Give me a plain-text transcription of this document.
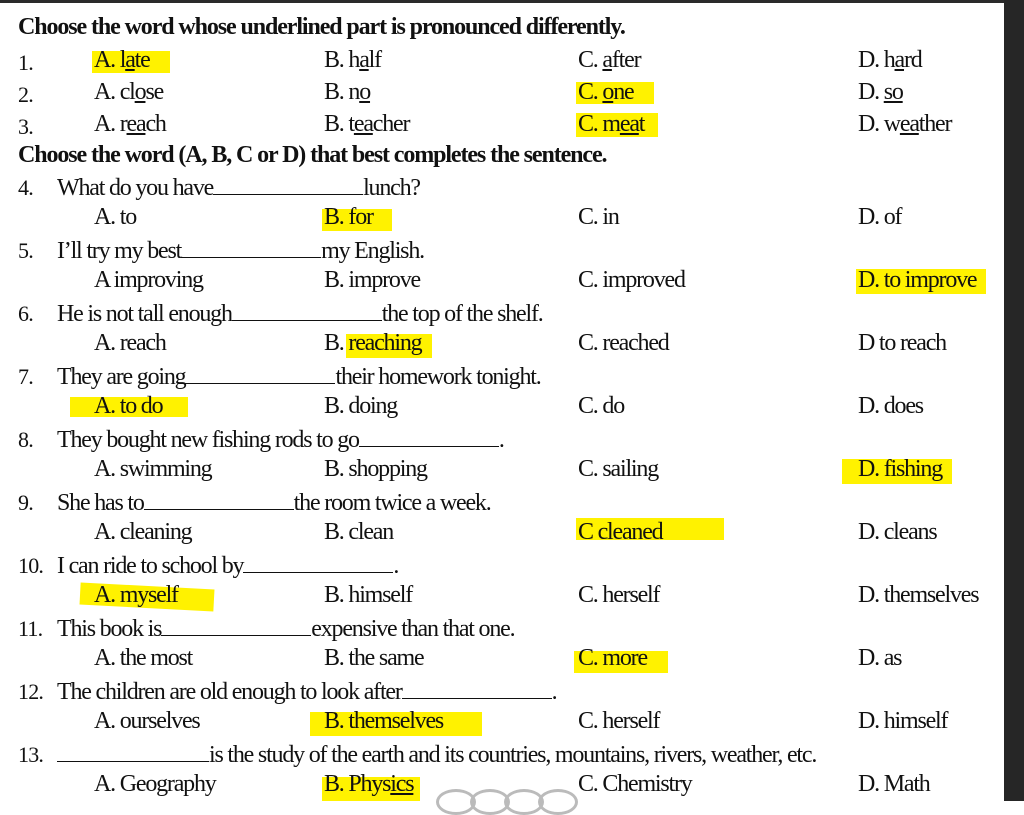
Choose the word whose underlined part is pronounced differently.
1.	A. late	B. half	C. after	D. hard
2.	A. close	B. no	C. one	D. so
3.	A. reach	B. teacher	C. meat	D. weather
Choose the word (A, B, C or D) that best completes the sentence.
4. What do you have	lunch?
A. to	B. for	C. in	D. of
5. I’ll try my best	my English.
A improving	B. improve	C. improved	D. to improve
6. He is not tall enough	the top of the shelf.
A. reach	B. reaching	C. reached	D to reach
7. They are going	their homework tonight.
A. to do	B. doing	C. do	D. does
8. They bought new fishing rods to go	.
A. swimming	B. shopping	C. sailing	D. fishing
9. She has to	the room twice a week.
A. cleaning	B. clean	C cleaned	D. cleans
10. I can ride to school by	.
A. myself	B. himself	C. herself	D. themselves
11. This book is	expensive than that one.
A. the most	B. the same	C. more	D. as
12. The children are old enough to look after	.
A. ourselves	B. themselves	C. herself	D. himself
13.	is the study of the earth and its countries, mountains, rivers, weather, etc.
A. Geography	B. Physics	C. Chemistry	D. Math
